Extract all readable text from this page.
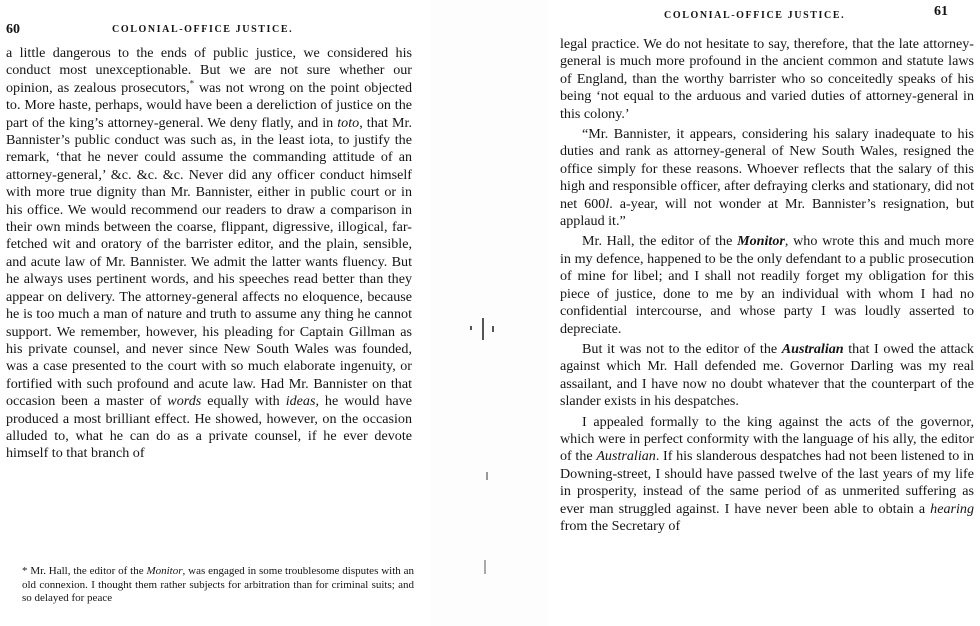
60	COLONIAL-OFFICE JUSTICE.

a little dangerous to the ends of public justice, we considered his conduct most unexceptionable. But we are not sure whether our opinion, as zealous prosecutors,* was not wrong on the point objected to. More haste, perhaps, would have been a dereliction of justice on the part of the king’s attorney-general. We deny flatly, and in toto, that Mr. Bannister’s public conduct was such as, in the least iota, to justify the remark, ‘that he never could assume the commanding attitude of an attorney-general,’ &c. &c. &c. Never did any officer conduct himself with more true dignity than Mr. Bannister, either in public court or in his office. We would recommend our readers to draw a comparison in their own minds between the coarse, flippant, digressive, illogical, far-fetched wit and oratory of the barrister editor, and the plain, sensible, and acute law of Mr. Bannister. We admit the latter wants fluency. But he always uses pertinent words, and his speeches read better than they appear on delivery. The attorney-general affects no eloquence, because he is too much a man of nature and truth to assume any thing he cannot support. We remember, however, his pleading for Captain Gillman as his private counsel, and never since New South Wales was founded, was a case presented to the court with so much elaborate ingenuity, or fortified with such profound and acute law. Had Mr. Bannister on that occasion been a master of words equally with ideas, he would have produced a most brilliant effect. He showed, however, on the occasion alluded to, what he can do as a private counsel, if he ever devote himself to that branch of

* Mr. Hall, the editor of the Monitor, was engaged in some troublesome disputes with an old connexion. I thought them rather subjects for arbitration than for criminal suits; and so delayed for peace

COLONIAL-OFFICE JUSTICE.	61

legal practice. We do not hesitate to say, therefore, that the late attorney-general is much more profound in the ancient common and statute laws of England, than the worthy barrister who so conceitedly speaks of his being ‘not equal to the arduous and varied duties of attorney-general in this colony.’

“Mr. Bannister, it appears, considering his salary inadequate to his duties and rank as attorney-general of New South Wales, resigned the office simply for these reasons. Whoever reflects that the salary of this high and responsible officer, after defraying clerks and stationary, did not net 600l. a-year, will not wonder at Mr. Bannister’s resignation, but applaud it.”

Mr. Hall, the editor of the Monitor, who wrote this and much more in my defence, happened to be the only defendant to a public prosecution of mine for libel; and I shall not readily forget my obligation for this piece of justice, done to me by an individual with whom I had no confidential intercourse, and whose party I was loudly asserted to depreciate.

But it was not to the editor of the Australian that I owed the attack against which Mr. Hall defended me. Governor Darling was my real assailant, and I have now no doubt whatever that the counterpart of the slander exists in his despatches.

I appealed formally to the king against the acts of the governor, which were in perfect conformity with the language of his ally, the editor of the Australian. If his slanderous despatches had not been listened to in Downing-street, I should have passed twelve of the last years of my life in prosperity, instead of the same period of as unmerited suffering as ever man struggled against. I have never been able to obtain a hearing from the Secretary of
